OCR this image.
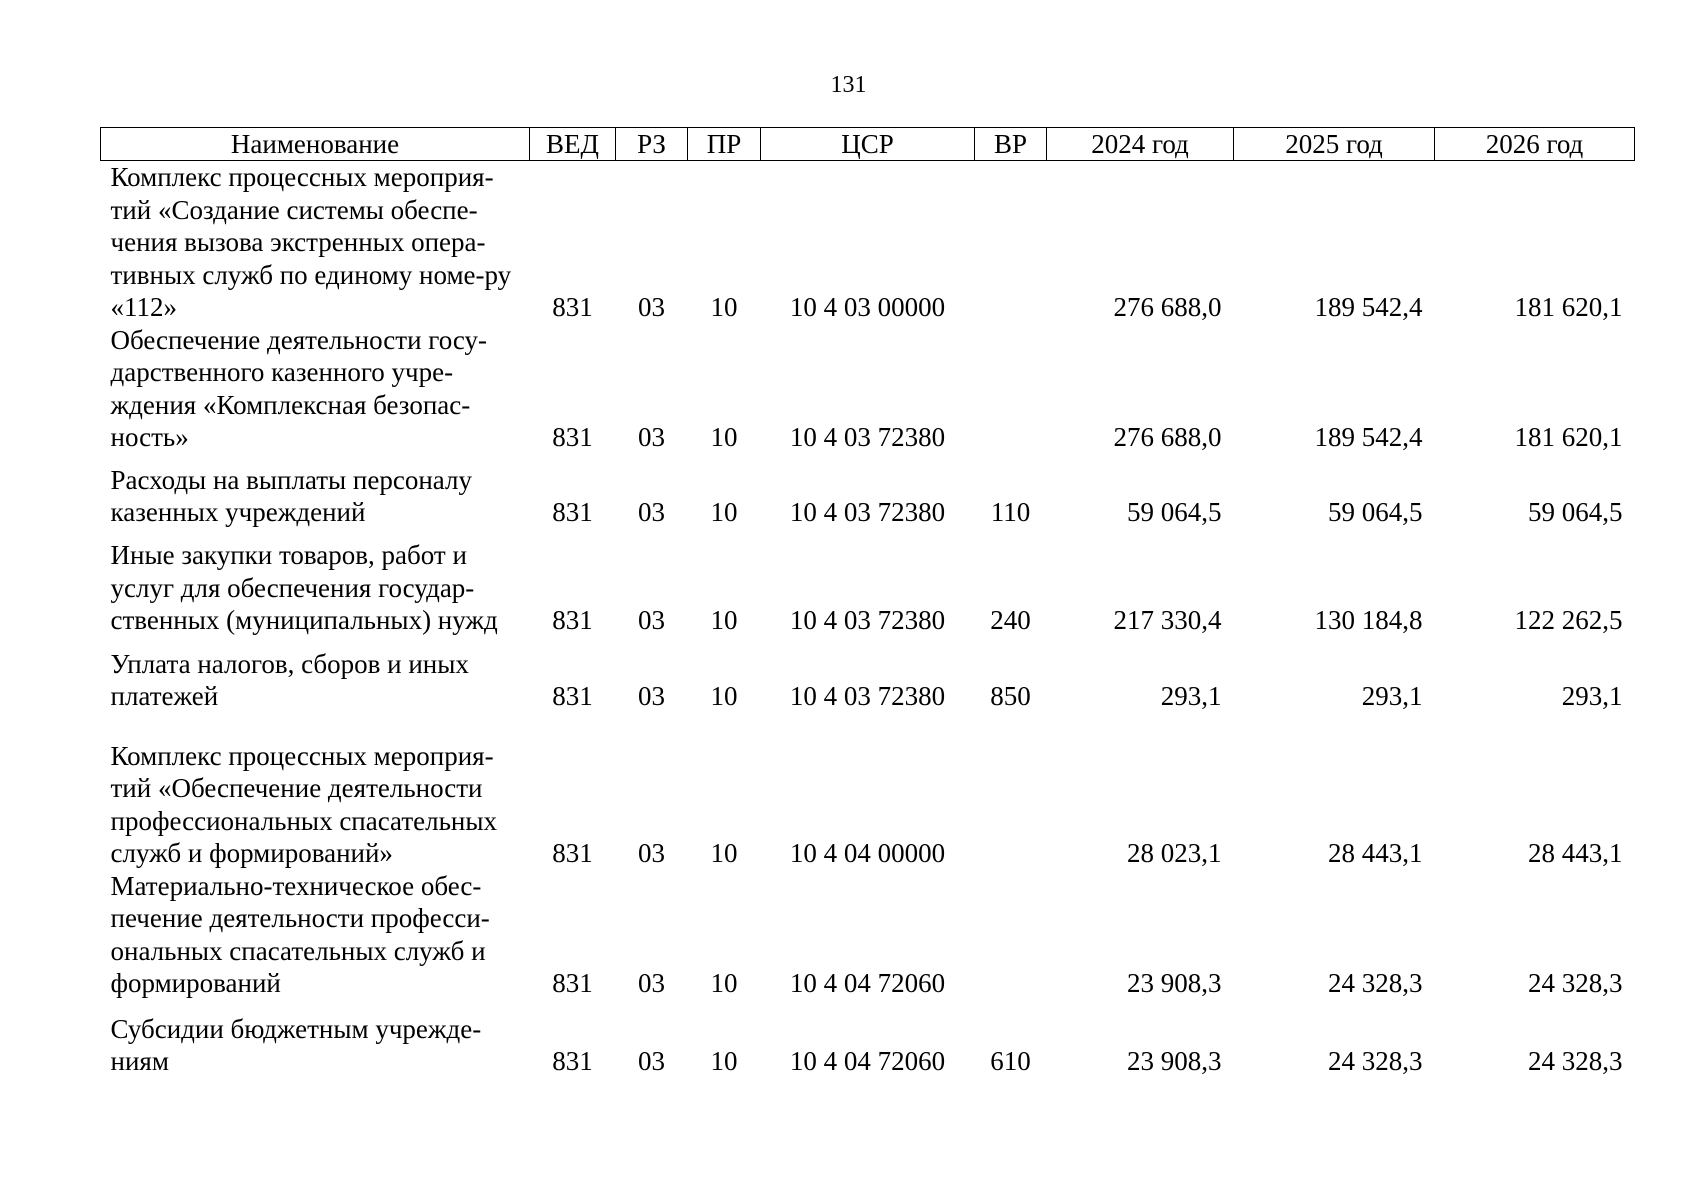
131
Наименование	ВЕД	РЗ	ПР	ЦСР	ВР	2024 год	2025 год	2026 год
Комплекс процессных мероприя-тий «Создание системы обеспе-чения вызова экстренных опера-тивных служб по единому номе-ру «112»	831	03	10	10 4 03 00000		276 688,0	189 542,4	181 620,1
Обеспечение деятельности госу-дарственного казенного учре-ждения «Комплексная безопас-ность»	831	03	10	10 4 03 72380		276 688,0	189 542,4	181 620,1
Расходы на выплаты персоналу казенных учреждений	831	03	10	10 4 03 72380	110	59 064,5	59 064,5	59 064,5
Иные закупки товаров, работ и услуг для обеспечения государ-ственных (муниципальных) нужд	831	03	10	10 4 03 72380	240	217 330,4	130 184,8	122 262,5
Уплата налогов, сборов и иных платежей	831	03	10	10 4 03 72380	850	293,1	293,1	293,1
Комплекс процессных мероприя-тий «Обеспечение деятельности профессиональных спасательных служб и формирований»	831	03	10	10 4 04 00000		28 023,1	28 443,1	28 443,1
Материально-техническое обес-печение деятельности професси-ональных спасательных служб и формирований	831	03	10	10 4 04 72060		23 908,3	24 328,3	24 328,3
Субсидии бюджетным учрежде-ниям	831	03	10	10 4 04 72060	610	23 908,3	24 328,3	24 328,3
